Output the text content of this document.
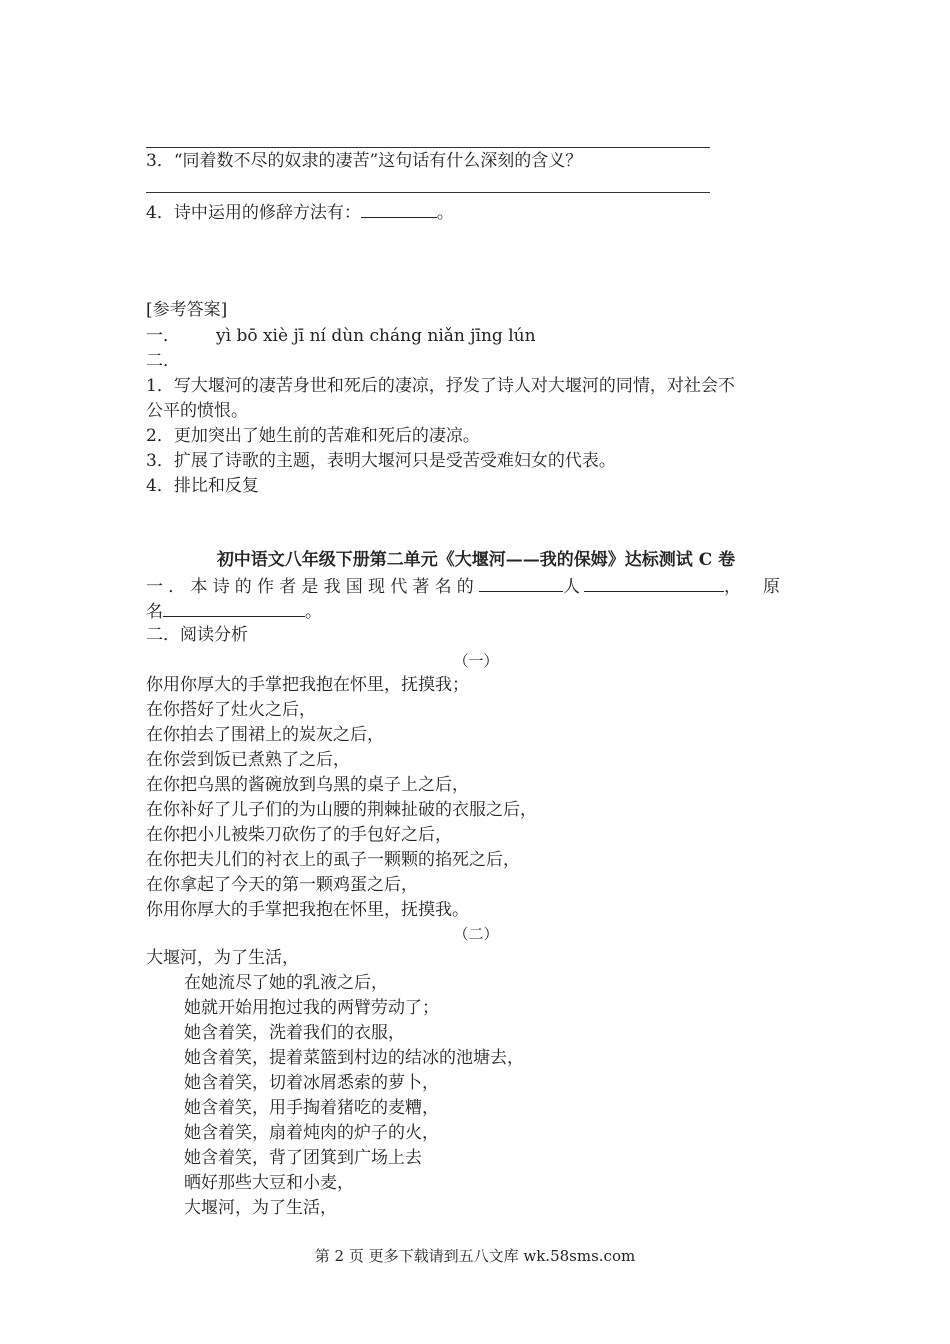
3．“同着数不尽的奴隶的凄苦”这句话有什么深刻的含义？
4．诗中运用的修辞方法有：	。
[参考答案]
一． yì bō xiè jī ní dùn cháng niǎn jīng lún
二．
1．写大堰河的凄苦身世和死后的凄凉，抒发了诗人对大堰河的同情，对社会不
公平的愤恨。
2．更加突出了她生前的苦难和死后的凄凉。
3．扩展了诗歌的主题，表明大堰河只是受苦受难妇女的代表。
4．排比和反复
初中语文八年级下册第二单元《大堰河——我的保姆》达标测试 C 卷
一．本诗的作者是我国现代著名的	人	，原
名	。
二．阅读分析
（一）
你用你厚大的手掌把我抱在怀里，抚摸我；
在你搭好了灶火之后，
在你拍去了围裙上的炭灰之后，
在你尝到饭已煮熟了之后，
在你把乌黑的酱碗放到乌黑的桌子上之后，
在你补好了儿子们的为山腰的荆棘扯破的衣服之后，
在你把小儿被柴刀砍伤了的手包好之后，
在你把夫儿们的衬衣上的虱子一颗颗的掐死之后，
在你拿起了今天的第一颗鸡蛋之后，
你用你厚大的手掌把我抱在怀里，抚摸我。
（二）
大堰河，为了生活，
在她流尽了她的乳液之后，
她就开始用抱过我的两臂劳动了；
她含着笑，洗着我们的衣服，
她含着笑，提着菜篮到村边的结冰的池塘去，
她含着笑，切着冰屑悉索的萝卜，
她含着笑，用手掏着猪吃的麦糟，
她含着笑，扇着炖肉的炉子的火，
她含着笑，背了团箕到广场上去
晒好那些大豆和小麦，
大堰河，为了生活，
第 2 页 更多下载请到五八文库 wk.58sms.com
